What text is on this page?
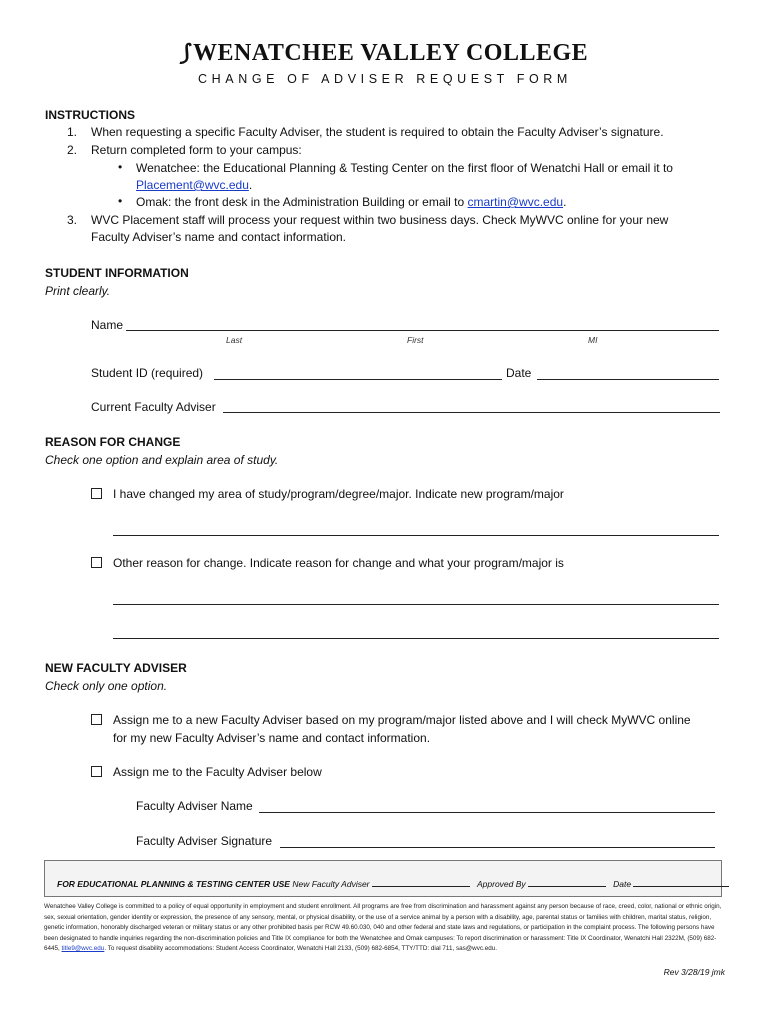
⟆WENATCHEE VALLEY COLLEGE
CHANGE OF ADVISER REQUEST FORM
INSTRUCTIONS
1. When requesting a specific Faculty Adviser, the student is required to obtain the Faculty Adviser’s signature.
2. Return completed form to your campus:
• Wenatchee: the Educational Planning & Testing Center on the first floor of Wenatchi Hall or email it to
Placement@wvc.edu.
• Omak: the front desk in the Administration Building or email to cmartin@wvc.edu.
3. WVC Placement staff will process your request within two business days. Check MyWVC online for your new
Faculty Adviser’s name and contact information.
STUDENT INFORMATION
Print clearly.
Name
Last	First	MI
Student ID (required)	Date
Current Faculty Adviser
REASON FOR CHANGE
Check one option and explain area of study.
I have changed my area of study/program/degree/major. Indicate new program/major
Other reason for change. Indicate reason for change and what your program/major is
NEW FACULTY ADVISER
Check only one option.
Assign me to a new Faculty Adviser based on my program/major listed above and I will check MyWVC online
for my new Faculty Adviser’s name and contact information.
Assign me to the Faculty Adviser below
Faculty Adviser Name
Faculty Adviser Signature
FOR EDUCATIONAL PLANNING & TESTING CENTER USE New Faculty Adviser	Approved By	Date
Wenatchee Valley College is committed to a policy of equal opportunity in employment and student enrollment. All programs are free from discrimination and harassment against any person because of race, creed, color, national or ethnic origin, sex, sexual orientation, gender identity or expression, the presence of any sensory, mental, or physical disability, or the use of a service animal by a person with a disability, age, parental status or families with children, marital status, religion, genetic information, honorably discharged veteran or military status or any other prohibited basis per RCW 49.60.030, 040 and other federal and state laws and regulations, or participation in the complaint process. The following persons have been designated to handle inquiries regarding the non-discrimination policies and Title IX compliance for both the Wenatchee and Omak campuses: To report discrimination or harassment: Title IX Coordinator, Wenatchi Hall 2322M, (509) 682-6445, title9@wvc.edu. To request disability accommodations: Student Access Coordinator, Wenatchi Hall 2133, (509) 682-6854, TTY/TTD: dial 711, sas@wvc.edu.
Rev 3/28/19 jmk
